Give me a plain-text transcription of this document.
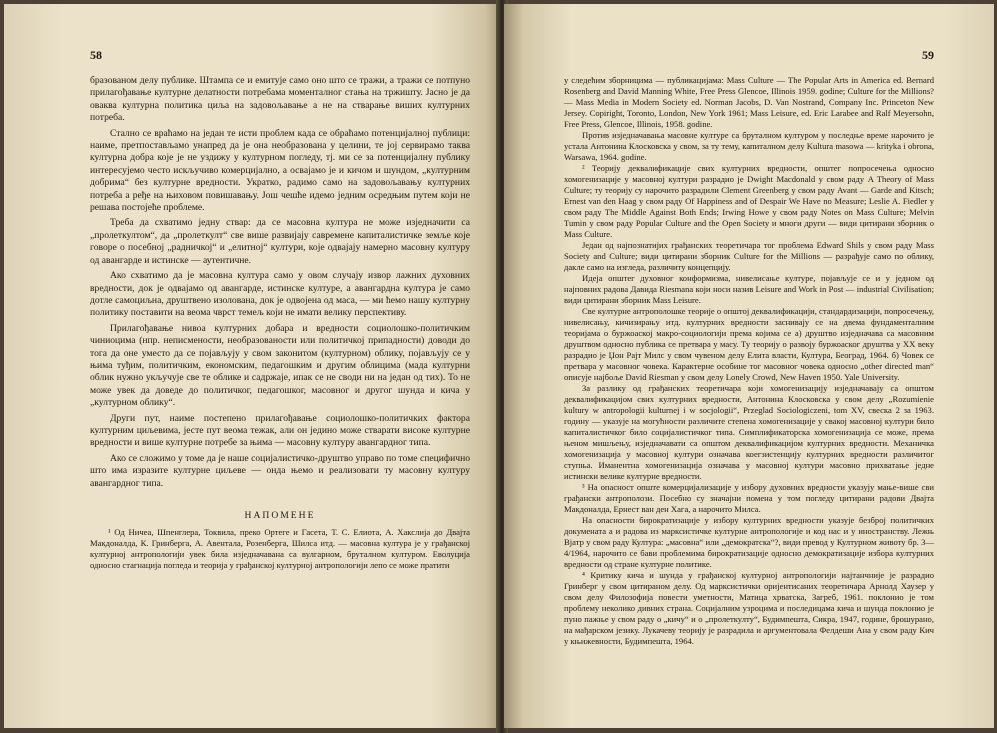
58

бразованом делу публике. Штампа се и емитује само оно што се тражи, а тражи се потпуно прилагођавање културне делатности потребама моменталног стања на тржишту. Јасно је да оваква културна политика циља на задовољавање а не на стварање виших културних потреба.

Стално се враћамо на један те исти проблем када се обраћамо потенцијалној публици: наиме, претпостављамо унапред да је она необразована у целини, те јој сервирамо таква културна добра које је не уздижу у културном погледу, тј. ми се за потенцијалну публику интересујемо често искључиво комерцијално, а освајамо је и кичом и шундом, „културним добрима“ без културне вредности. Укратко, радимо само на задовољавању културних потреба а ређе на њиховом повишавању. Још чешће идемо једним осредњим путем који не решава постојеће проблеме.

Треба да схватимо једну ствар: да се масовна култура не може изједначити са „пролеткултом“, да „пролеткулт“ све више развијају савремене капиталистичке земље које говоре о посебној „радничкој“ и „елитној“ култури, које одвајају намерно масовну културу од авангарде и истинске — аутентичне.

Ако схватимо да је масовна култура само у овом случају извор лажних духовних вредности, док је одвајамо од авангарде, истинске културе, а авангардна култура је само дотле самоциљна, друштвено изолована, док је одвојена од маса, — ми ћемо нашу културну политику поставити на веома чврст темељ који не имати велику перспективу.

Прилагођавање нивоа културних добара и вредности социолошко-политичким чиниоцима (нпр. неписмености, необразованости или политичкој припадности) доводи до тога да оне уместо да се појављују у свом законитом (културном) облику, појављују се у њима туђим, политичким, економским, педагошким и другим облицима (мада културни облик нужно укључује све те облике и садржаје, ипак се не своди ни на један од тих). То не може увек да доведе до политичког, педагошког, масовног и другог шунда и кича у „културном облику“.

Други пут, наиме постепено прилагођавање социолошко-политичких фактора културним циљевима, јесте пут веома тежак, али он једино може стварати високе културне вредности и више културне потребе за њима — масовну културу авангардног типа.

Ако се сложимо у томе да је наше социјалистичко-друштво управо по томе специфично што има изразите културне циљеве — онда њемо и реализовати ту масовну културу авангардног типа.

НАПОМЕНЕ

¹ Од Ничеа, Шпенглера, Токвила, преко Ортеге и Гасета, Т. С. Елиота, А. Хакслија до Двајта Макдоналда, К. Гринберга, А. Авентала, Розенберга, Шилса итд. — масовна култура је у грађанској културној антропологији увек била изједначавана са вулгарном, бруталном културом. Еволуција односно стагнација погледа и теорија у грађанској културној антропологији лепо се може пратити

59

у следећим зборницима — публикацијама: Mass Culture — The Popular Arts in America ed. Bernard Rosenberg and David Manning White, Free Press Glencoe, Illinois 1959. godine; Culture for the Millions? — Mass Media in Modern Society ed. Norman Jacobs, D. Van Nostrand, Company Inc. Princeton New Jersey. Copiright, Toronto, London, New York 1961; Mass Leisure, ed. Eric Larabee and Ralf Meyersohn, Free Press, Glencoe, Illinois, 1958. godine.

Против изједначавања масовне културе са бруталном културом у последње време нарочито је устала Антонина Клосковска у свом, за ту тему, капиталном делу Kultura masowa — krityka i obrona, Warsawa, 1964. godine.

² Теорију деквалификације свих културних вредности, општег попросечења односно хомогенизације у масовној култури разрадио је Dwight Macdonald у свом раду A Theory of Mass Culture; ту теорију су нарочито разрадили Clement Greenberg у свом раду Avant — Garde and Kitsch; Ernest van den Haag у свом раду Of Happiness and of Despair We Have no Measure; Leslie A. Fiedler у свом раду The Middle Against Both Ends; Irwing Howe у свом раду Notes on Mass Culture; Melvin Tumin у свом раду Popular Culture and the Open Society и многи други — види цитирани зборник о Mass Culture.

Један од најпознатијих грађанских теоретичара тог проблема Edward Shils у свом раду Mass Society and Culture; види цитирани зборник Culture for the Millions — разрађује само по облику, дакле само на изгледа, различиту концепцију.

Идеја општег духовног конформизма, нивелисање културе, појављује се и у једном од најповних радова Давида Riesmana који носи назив Leisure and Work in Post — industrial Civilisation; види цитирани зборник Mass Leisure.

Све културне антрополошке теорије о општој деквалификацији, стандардизацији, попросечењу, нивелисању, кичизирању итд. културних вредности заснивају се на двема фундаменталним теоријама о буржоаској макро-социологији према којима се а) друштво изједначава са масовним друштвом односно публика се претвара у масу. Ту теорију о развоју буржоаског друштва у XX веку разрадио је Џон Рајт Милс у свом чувеном делу Елита власти, Култура, Београд, 1964. б) Човек се претвара у масовног човека. Карактерне особине тог масовног човека односно „other directed man“ описује најбоље David Riesman у свом делу Lonely Crowd, New Haven 1950. Yale University.

За разлику од грађанских теоретичара који хомогенизацију изједначавају са општом деквалификацијом свих културних вредности, Антонина Клосковска у свом делу „Rozumienie kultury w antropologii kulturnej i w socjologii“, Przeglad Sociologiczeni, tom XV, свеска 2 за 1963. годину — указује на могућности различите степена хомогенизације у свакој масовној култури било капиталистичког било социјалистичког типа. Симплификаторска хомогенизација се може, према њеном мишљењу, изједначавати са општом деквалификацијом културних вредности. Механичка хомогенизација у масовној култури означава коегзистенцију културних вредности различитог ступња. Иманентна хомогенизација означава у масовној култури масовно прихватање једне истински велике културне вредности.

³ На опасност опште комерцијализације у избору духовних вредности указују мање-више сви грађански антрополози. Посебно су значајни помена у том погледу цитирани радови Двајта Макдоналда, Ернест ван ден Хага, а нарочито Милса.

На опасности бирократизације у избору културних вредности указује безброј политичких докумената а и радова из марксистичке културне антропологије и код нас и у иностранству. Лежњ Вјатр у свом раду Култура: „масовна“ или „демократска“?, види превод у Културном животу бр. 3—4/1964, нарочито се бави проблемима бирократизације односно демократизације избора културних вредности од стране културне политике.

⁴ Критику кича и шунда у грађанској културној антропологији најтанчније је разрадио Гринберг у свом цитираном делу. Од марксистички оријентисаних теоретичара Арнолд Хаузер у свом делу Филозофија повести уметности, Матица хрватска, Загреб, 1961. поклонио је том проблему неколико дивних страна. Социјалним узроцима и последицама кича и шунда поклонио је пуно пажње у свом раду о „кичу“ и о „пролеткулту“, Будимпешта, Сикра, 1947, године, брошурано, на мађарском језику. Лукачеву теорију је разрадила и аргументовала Фелдеши Ана у свом раду Кич у књижевности, Будимпешта, 1964.
